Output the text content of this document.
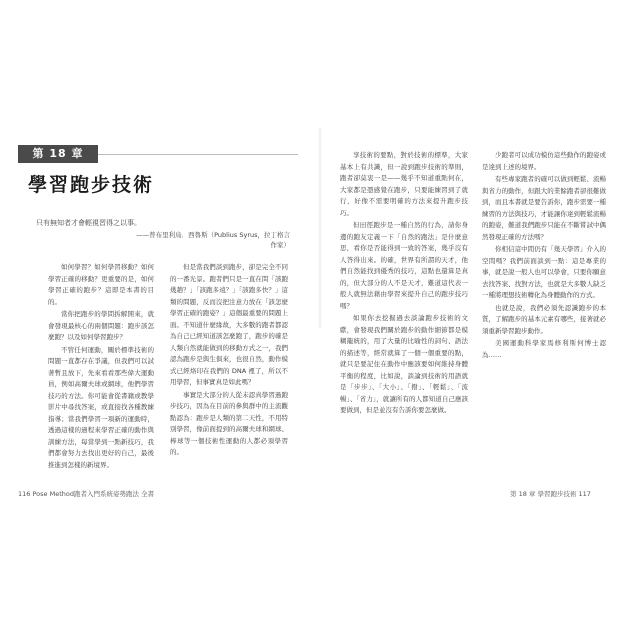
第 18 章
學習跑步技術
只有無知者才會輕視習得之以事。
——普布里利烏．西魯斯（Publius Syrus，拉丁格言作家）

如何學習？如何學習移動？如何學習正確的移動？更重要的是，如何學習正確的跑步？這即是本書的目的。

當你把跑步的學問拆解開來，就會發現最核心的兩個問題：跑步該怎麼跑？以及如何學習跑步？

不管任何運動，關於標準技術的問題一直都存在爭議，但我們可以試著暫且放下，先來看看那些偉大運動員，例如高爾夫球或網球，他們學習技巧的方法。你可能會從書籍或教學影片中尋找答案，或直接找各種教練指導；當我們學習一項新的運動時，透過這樣的過程來學習正確的動作與訓練方法，每當學到一點新技巧，我們都會努力去找出更好的自己，最後推進到怎樣的新境界。

但是當我們談到跑步，卻是完全不同的一番光景。跑者們只是一直在問「該跑幾趟？」「該跑多遠？」「該跑多快？」這類的問題，反而沒把注意力放在「該怎麼學習正確的跑姿？」這個最重要的問題上面。不知道什麼緣故，大多數的跑者都認為自己已經知道該怎麼跑了，跑步的確是人類自然就能做到的移動方式之一，我們認為跑步是與生俱來，也很自然，動作模式已經烙印在我們的 DNA 裡了，所以不用學習，但事實真是如此嗎？

事實是大部分的人從未認真學習過跑步技巧，因為在目前的參與群中的主流觀點認為：跑步是人類的第二天性，不用特別學習，像前面提到的高爾夫球和網球、棒球等一個技術性運動的人都必須學習的。

享技術的要點，對於技術的標準，大家基本上有共識，但一說到跑步技術的準則，跑者卻莫衷一是——幾乎不知道重點何在，大家都是憑感覺在跑步，只要能練習到了就行，好像不需要明確的方法來提升跑步技巧。

但田徑跑步是一種自然的行為，請你身邊的跑友定義一下「自然的跑法」是什麼意思，看你是否能得到一致的答案，幾乎沒有人答得出來。的確，世界有所謂的天才，他們自然能找到優秀的技巧，這點也還算是真的，但大部分的人不是天才，難道這代表一般人就無法藉由學習來提升自己的跑步技巧嗎？

如果你去挖掘過去談論跑步技術的文獻，會發現我們關於跑步的動作細節都是模糊籠統的，用了大量的比喻性的詞句、語法的描述等，經常就算了一個一個重要的點，就只是要記住在動作中應該要如何維持身體平衡的程度，比如說，談論到技術的用語就是「步步」、「大小」、「撥」、「輕鬆」、「流暢」、「省力」，就讓所有的人都知道自己應該要做到，但是並沒有告訴你要怎麼做。

少跑者可以成功模仿這些動作的跑姿或是達到上述的境界。

有些專家跑者的確可以做到輕鬆、流暢與省力的動作，但跟大的業餘跑者卻很難做到，而且本書就是要告訴你，跑步需要一種練習的方法與技巧，才能讓你達到輕鬆流暢的跑姿，難道我們跑步只能在不斷嘗試中偶然發現正確的方法嗎？

你相信這中間仍有「幾天學習」介入的空間嗎？我們前面談到一點：這是專業的事，就是說一般人也可以學會，只要你願意去找答案、找對方法，也就是大多數人缺乏一種將理想技術轉化為身體動作的方式。

也就是說，我們必須先認識跑步的本質，了解跑步的基本元素有哪些，接著就必須重新學習跑步動作。

美國運動科學家馬修利斯何博士認為……

116 Pose Method跑者入門系統姿勢跑法 全書	第 18 章 學習跑步技術 117
